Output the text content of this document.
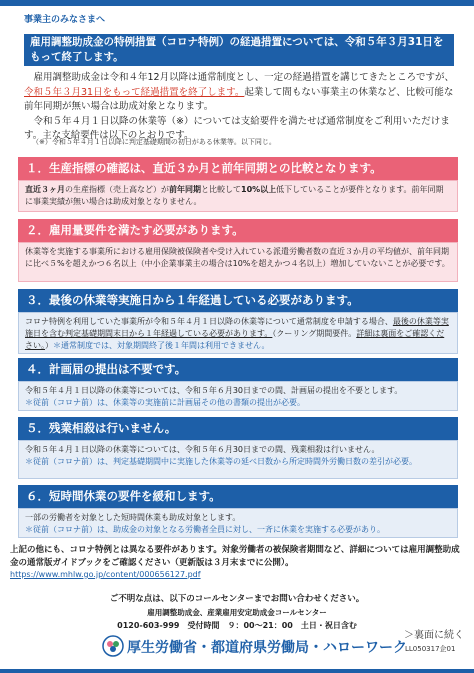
事業主のみなさまへ
雇用調整助成金の特例措置（コロナ特例）の経過措置については、令和５年３月31日をもって終了します。
雇用調整助成金は令和４年12月以降は通常制度とし、一定の経過措置を講じてきたところですが、令和５年３月31日をもって経過措置を終了します。起業して間もない事業主の休業など、比較可能な前年同期が無い場合は助成対象となります。
令和５年４月１日以降の休業等（※）については支給要件を満たせば通常制度をご利用いただけます。主な支給要件は以下のとおりです。
（※）令和５年４月１日以降に判定基礎期間の初日がある休業等。以下同じ。
１．生産指標の確認は、直近３か月と前年同期との比較となります。
直近３ヶ月の生産指標（売上高など）が前年同期と比較して10%以上低下していることが要件となります。前年同期に事業実績が無い場合は助成対象となりません。
２．雇用量要件を満たす必要があります。
休業等を実施する事業所における雇用保険被保険者や受け入れている派遣労働者数の直近３か月の平均値が、前年同期に比べ５%を超えかつ６名以上（中小企業事業主の場合は10%を超えかつ４名以上）増加していないことが必要です。
３．最後の休業等実施日から１年経過している必要があります。
コロナ特例を利用していた事業所が令和５年４月１日以降の休業等について通常制度を申請する場合、最後の休業等実施日を含む判定基礎期間末日から１年経過している必要があります。（クーリング期間要件。詳細は裏面をご確認ください。）＊通常制度では、対象期間終了後１年間は利用できません。
４．計画届の提出は不要です。
令和５年４月１日以降の休業等については、令和５年６月30日までの間、計画届の提出を不要とします。
＊従前（コロナ前）は、休業等の実施前に計画届その他の書類の提出が必要。
５．残業相殺は行いません。
令和５年４月１日以降の休業等については、令和５年６月30日までの間、残業相殺は行いません。
＊従前（コロナ前）は、判定基礎期間中に実施した休業等の延べ日数から所定時間外労働日数の差引が必要。
６．短時間休業の要件を緩和します。
一部の労働者を対象とした短時間休業も助成対象とします。
＊従前（コロナ前）は、助成金の対象となる労働者全員に対し、一斉に休業を実施する必要があり。
上記の他にも、コロナ特例とは異なる要件があります。対象労働者の被保険者期間など、詳細については雇用調整助成金の通常版ガイドブックをご確認ください（更新版は３月末までに公開）。
https://www.mhlw.go.jp/content/000656127.pdf
ご不明な点は、以下のコールセンターまでお問い合わせください。
雇用調整助成金、産業雇用安定助成金コールセンター
0120-603-999　受付時間　９：00～21：00　土日・祝日含む
厚生労働省・都道府県労働局・ハローワーク
＞裏面に続く
LL050317企01
